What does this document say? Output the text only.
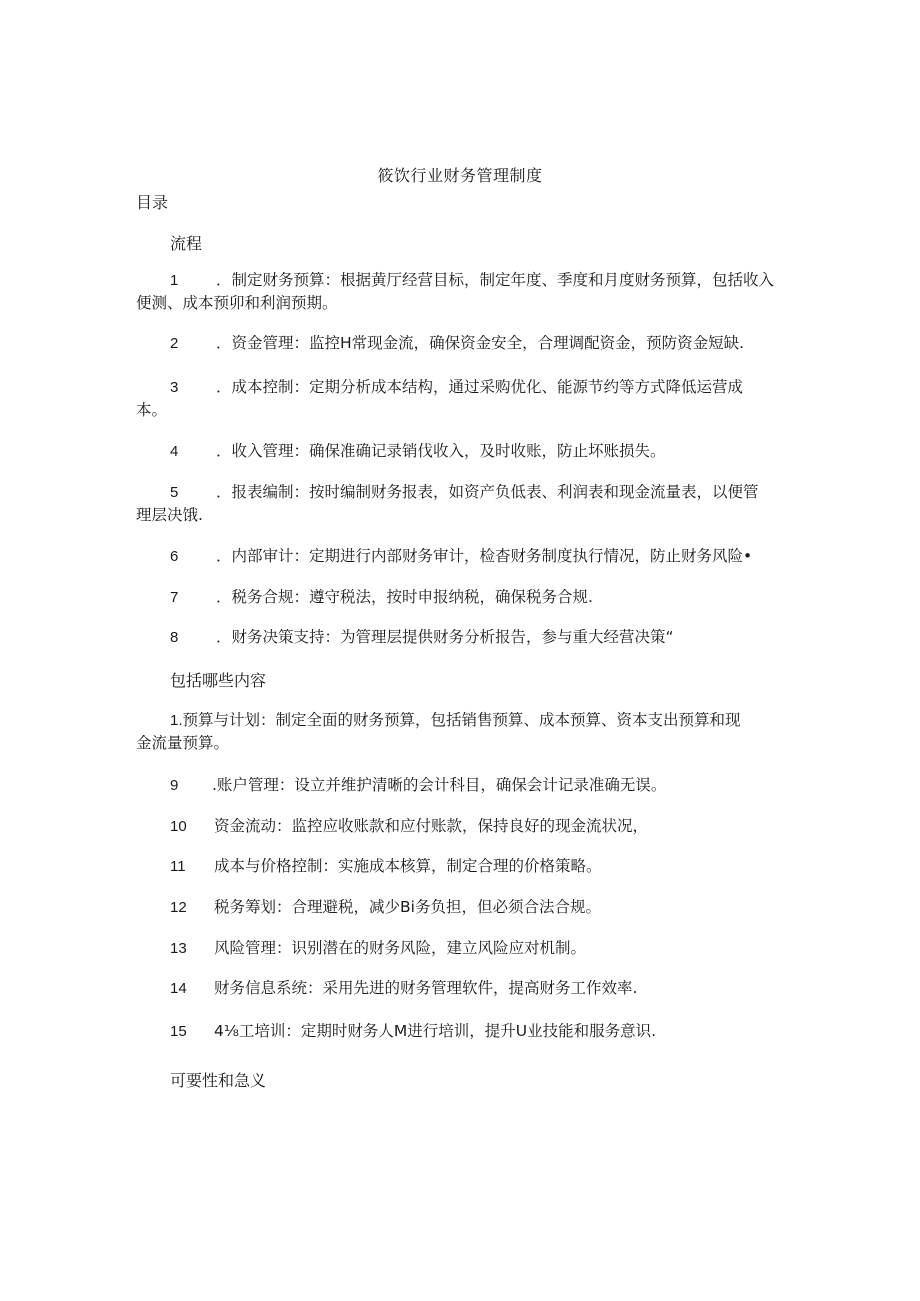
筱饮行业财务管理制度
目录
流程
1 ．制定财务预算：根据黄厅经营目标，制定年度、季度和月度财务预算，包括收入
便测、成本预卯和利润预期。
2 ．资金管理：监控H常现金流，确保资金安全，合理调配资金，预防资金短缺.
3 ．成本控制：定期分析成本结构，通过采购优化、能源节约等方式降低运营成
本。
4 ．收入管理：确保准确记录销伐收入，及时收账，防止坏账损失。
5 ．报表编制：按时编制财务报表，如资产负低表、利润表和现金流量表，以便管
理层决饿.
6 ．内部审计：定期进行内部财务审计，检杳财务制度执行情况，防止财务风险•
7 ．税务合规：遵守税法，按时申报纳税，确保税务合规.
8 ．财务决策支持：为管理层提供财务分析报告，参与重大经营决策“
包括哪些内容
1.预算与计划：制定全面的财务预算，包括销售预算、成本预算、资本支出预算和现
金流量预算。
9 .账户管理：设立并维护清晰的会计科目，确保会计记录准确无误。
10 资金流动：监控应收账款和应付账款，保持良好的现金流状况，
11 成本与价格控制：实施成本核算，制定合理的价格策略。
12 税务筹划：合理避税，减少Bi务负担，但必须合法合规。
13 风险管理：识别潜在的财务风险，建立风险应对机制。
14 财务信息系统：采用先进的财务管理软件，提高财务工作效率.
15 4⅛工培训：定期时财务人M进行培训，提升U业技能和服务意识.
可要性和急义
